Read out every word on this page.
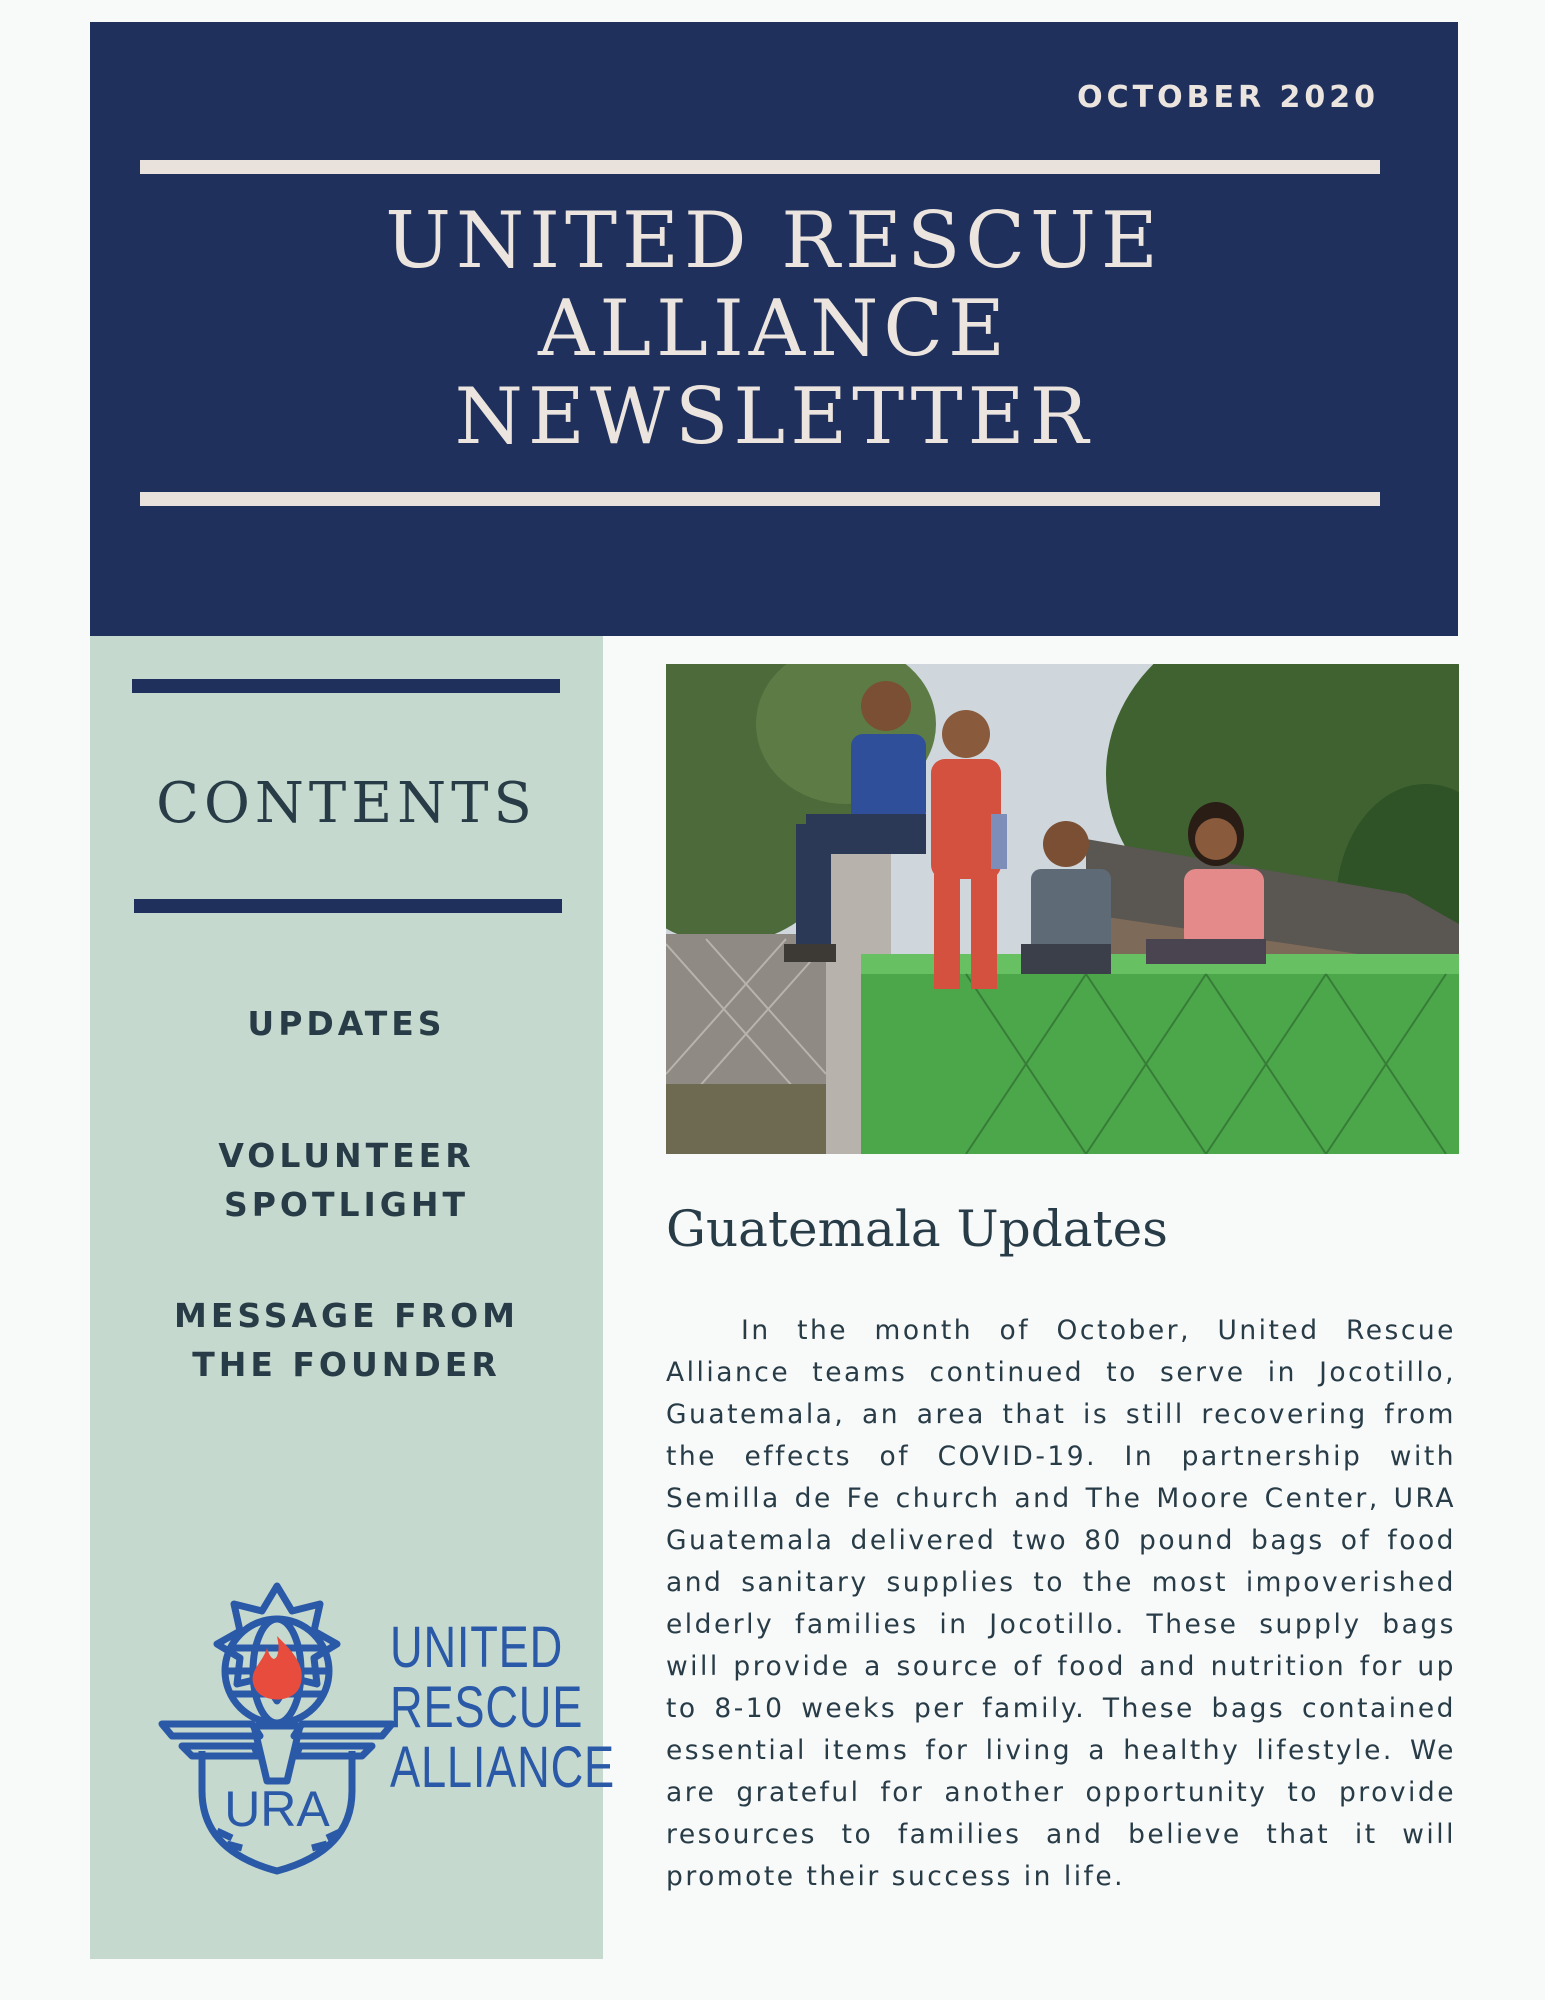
OCTOBER 2020
UNITED RESCUE
ALLIANCE
NEWSLETTER
CONTENTS
UPDATES
VOLUNTEER
SPOTLIGHT
MESSAGE FROM
THE FOUNDER
URA
UNITED
RESCUE
ALLIANCE
Guatemala Updates

In the month of October, United Rescue Alliance teams continued to serve in Jocotillo, Guatemala, an area that is still recovering from the effects of COVID-19. In partnership with Semilla de Fe church and The Moore Center, URA Guatemala delivered two 80 pound bags of food and sanitary supplies to the most impoverished elderly families in Jocotillo. These supply bags will provide a source of food and nutrition for up to 8-10 weeks per family. These bags contained essential items for living a healthy lifestyle. We are grateful for another opportunity to provide resources to families and believe that it will promote their success in life.
